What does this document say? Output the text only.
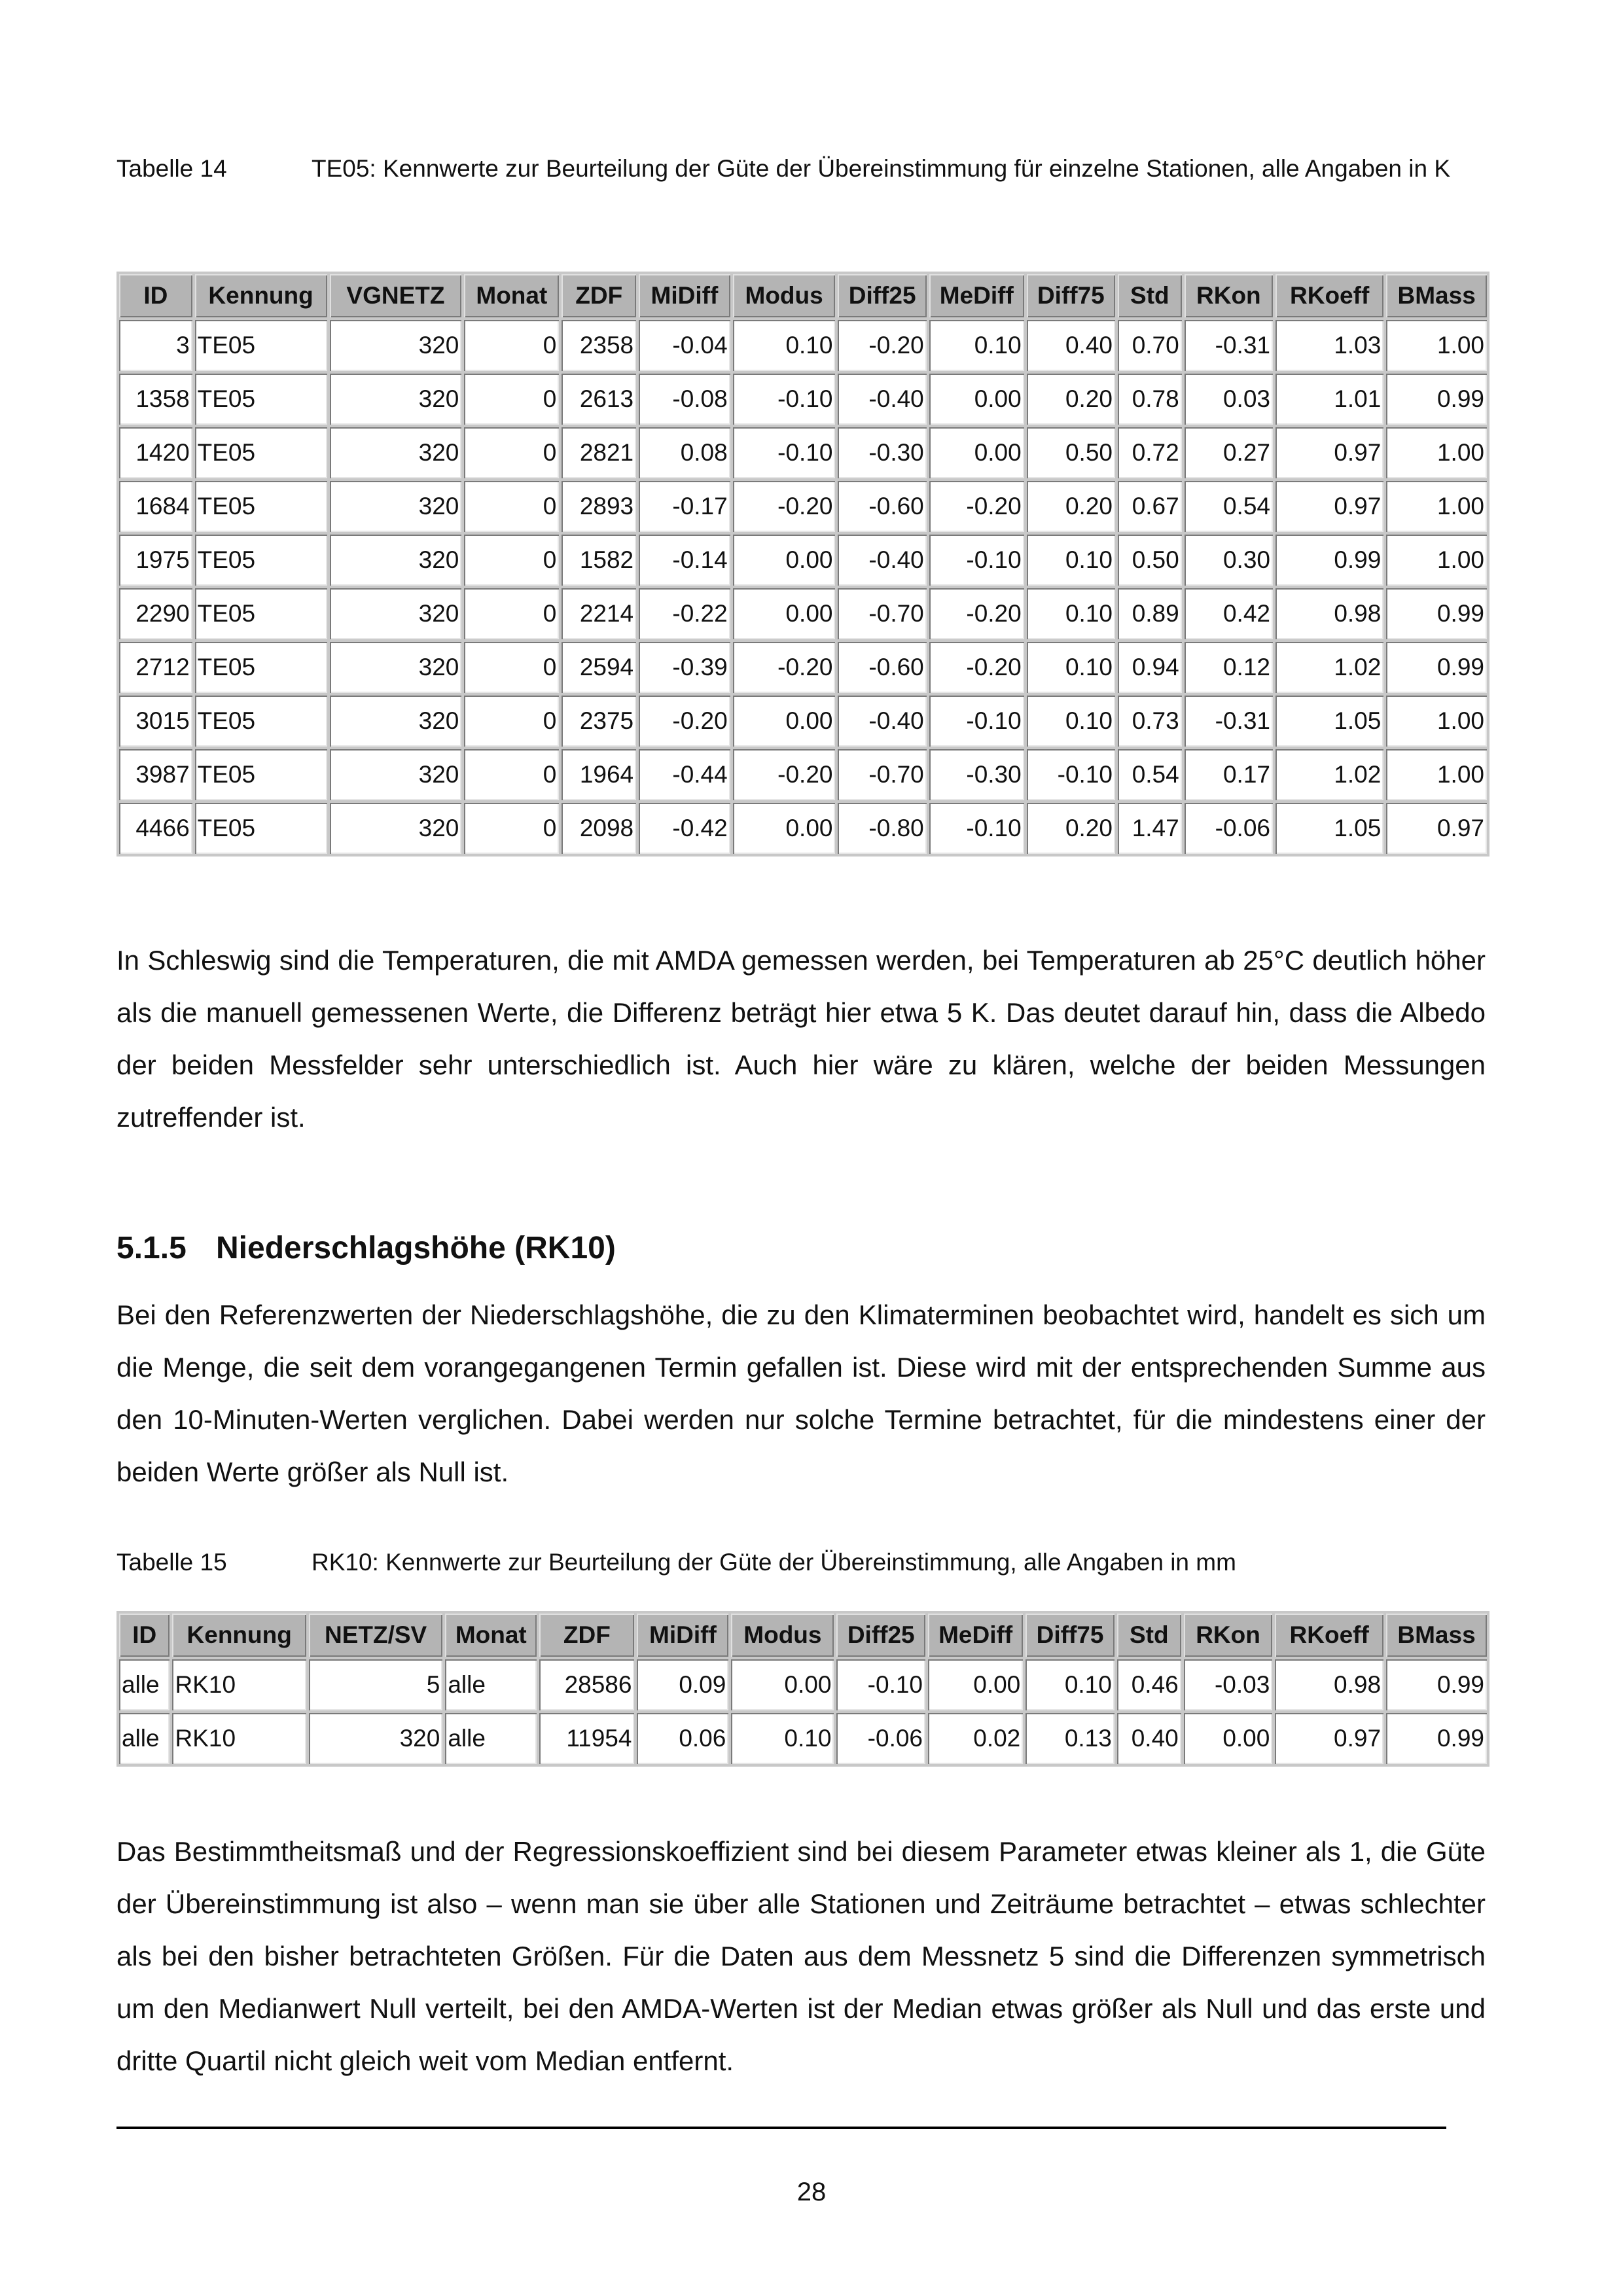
Tabelle 14	TE05: Kennwerte zur Beurteilung der Güte der Übereinstimmung für einzelne Stationen, alle Angaben in K
ID	Kennung	VGNETZ	Monat	ZDF	MiDiff	Modus	Diff25	MeDiff	Diff75	Std	RKon	RKoeff	BMass
3	TE05	320	0	2358	-0.04	0.10	-0.20	0.10	0.40	0.70	-0.31	1.03	1.00
1358	TE05	320	0	2613	-0.08	-0.10	-0.40	0.00	0.20	0.78	0.03	1.01	0.99
1420	TE05	320	0	2821	0.08	-0.10	-0.30	0.00	0.50	0.72	0.27	0.97	1.00
1684	TE05	320	0	2893	-0.17	-0.20	-0.60	-0.20	0.20	0.67	0.54	0.97	1.00
1975	TE05	320	0	1582	-0.14	0.00	-0.40	-0.10	0.10	0.50	0.30	0.99	1.00
2290	TE05	320	0	2214	-0.22	0.00	-0.70	-0.20	0.10	0.89	0.42	0.98	0.99
2712	TE05	320	0	2594	-0.39	-0.20	-0.60	-0.20	0.10	0.94	0.12	1.02	0.99
3015	TE05	320	0	2375	-0.20	0.00	-0.40	-0.10	0.10	0.73	-0.31	1.05	1.00
3987	TE05	320	0	1964	-0.44	-0.20	-0.70	-0.30	-0.10	0.54	0.17	1.02	1.00
4466	TE05	320	0	2098	-0.42	0.00	-0.80	-0.10	0.20	1.47	-0.06	1.05	0.97

In Schleswig sind die Temperaturen, die mit AMDA gemessen werden, bei Temperaturen ab 25°C deutlich höher als die manuell gemessenen Werte, die Differenz beträgt hier etwa 5 K. Das deutet darauf hin, dass die Albedo der beiden Messfelder sehr unterschiedlich ist. Auch hier wäre zu klären, welche der beiden Messungen zutreffender ist.

5.1.5 Niederschlagshöhe (RK10)

Bei den Referenzwerten der Niederschlagshöhe, die zu den Klimaterminen beobachtet wird, handelt es sich um die Menge, die seit dem vorangegangenen Termin gefallen ist. Diese wird mit der entsprechenden Summe aus den 10-Minuten-Werten verglichen. Dabei werden nur solche Termine betrachtet, für die mindestens einer der beiden Werte größer als Null ist.

Tabelle 15	RK10: Kennwerte zur Beurteilung der Güte der Übereinstimmung, alle Angaben in mm
ID	Kennung	NETZ/SV	Monat	ZDF	MiDiff	Modus	Diff25	MeDiff	Diff75	Std	RKon	RKoeff	BMass
alle	RK10	5	alle	28586	0.09	0.00	-0.10	0.00	0.10	0.46	-0.03	0.98	0.99
alle	RK10	320	alle	11954	0.06	0.10	-0.06	0.02	0.13	0.40	0.00	0.97	0.99

Das Bestimmtheitsmaß und der Regressionskoeffizient sind bei diesem Parameter etwas kleiner als 1, die Güte der Übereinstimmung ist also – wenn man sie über alle Stationen und Zeiträume betrachtet – etwas schlechter als bei den bisher betrachteten Größen. Für die Daten aus dem Messnetz 5 sind die Differenzen symmetrisch um den Medianwert Null verteilt, bei den AMDA-Werten ist der Median etwas größer als Null und das erste und dritte Quartil nicht gleich weit vom Median entfernt.

28
